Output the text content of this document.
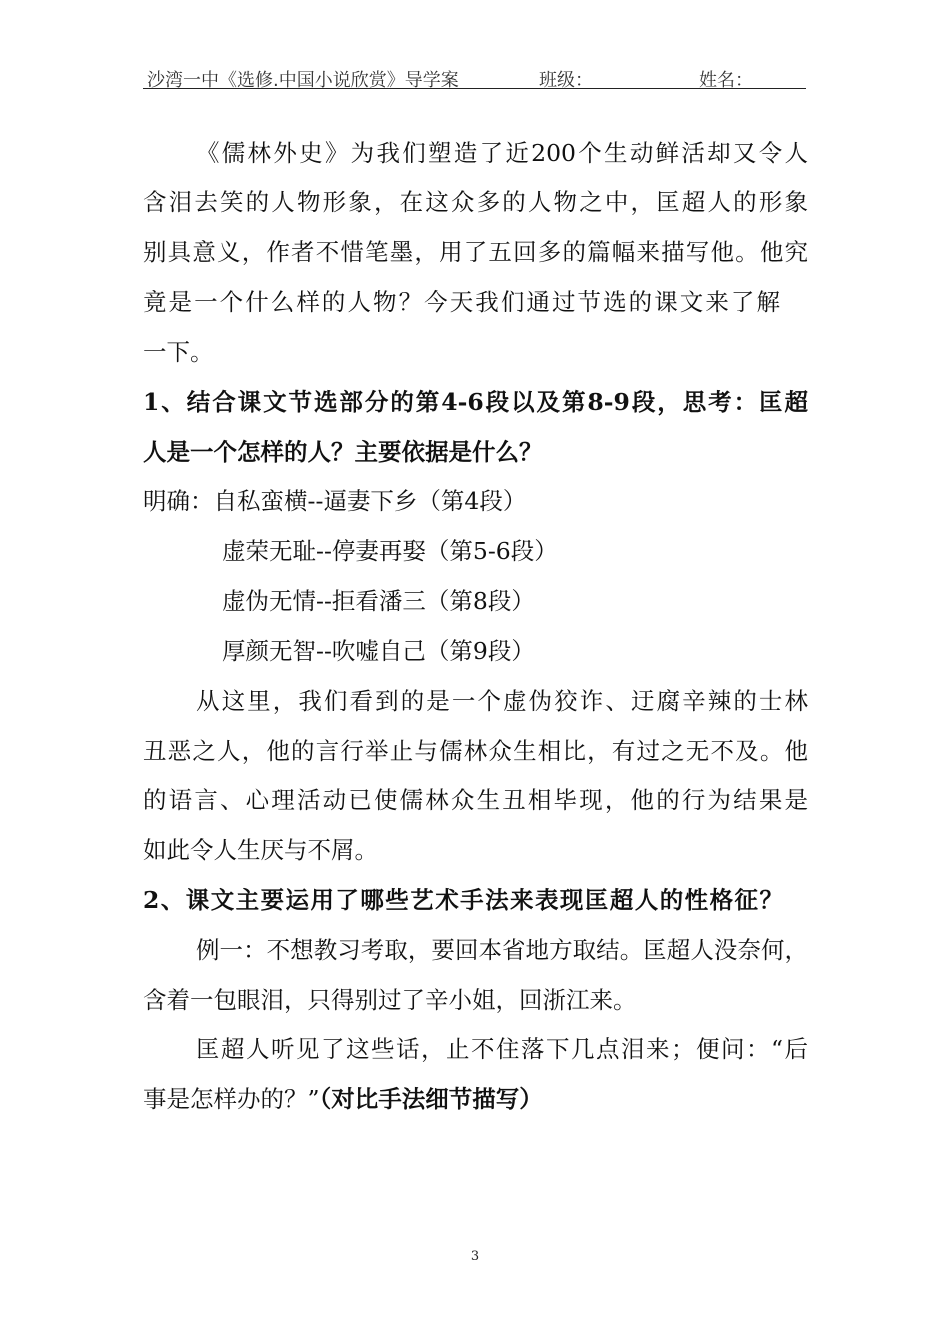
沙湾一中《选修.中国小说欣赏》导学案	班级：	姓名：
《儒林外史》为我们塑造了近200个生动鲜活却又令人
含泪去笑的人物形象，在这众多的人物之中，匡超人的形象
别具意义，作者不惜笔墨，用了五回多的篇幅来描写他。他究
竟是一个什么样的人物？今天我们通过节选的课文来了解
一下。
1、结合课文节选部分的第4-6段以及第8-9段，思考：匡超
人是一个怎样的人？主要依据是什么？
明确：自私蛮横--逼妻下乡（第4段）
虚荣无耻--停妻再娶（第5-6段）
虚伪无情--拒看潘三（第8段）
厚颜无智--吹嘘自己（第9段）
从这里，我们看到的是一个虚伪狡诈、迂腐辛辣的士林
丑恶之人，他的言行举止与儒林众生相比，有过之无不及。他
的语言、心理活动已使儒林众生丑相毕现，他的行为结果是
如此令人生厌与不屑。
2、课文主要运用了哪些艺术手法来表现匡超人的性格征？
例一：不想教习考取，要回本省地方取结。匡超人没奈何，
含着一包眼泪，只得别过了辛小姐，回浙江来。
匡超人听见了这些话，止不住落下几点泪来；便问：“后
事是怎样办的？”（对比手法细节描写）
3
